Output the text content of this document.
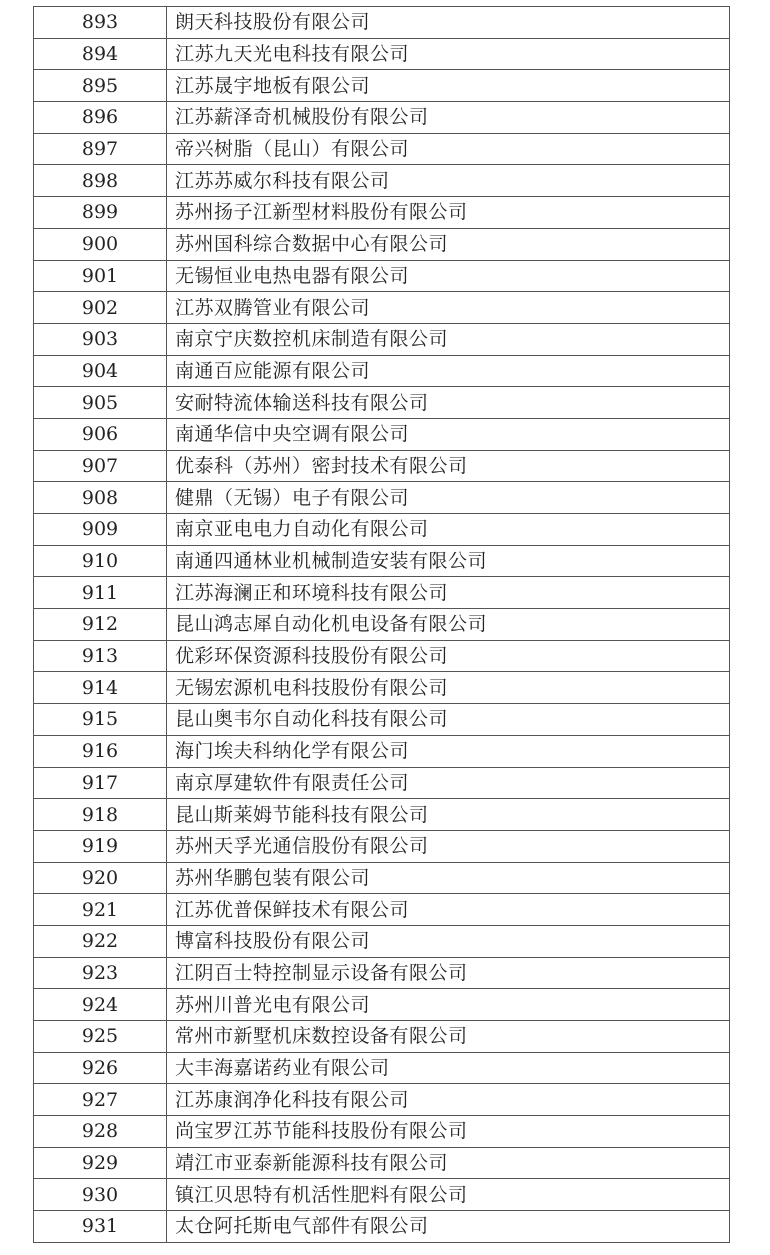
893	朗天科技股份有限公司
894	江苏九天光电科技有限公司
895	江苏晟宇地板有限公司
896	江苏薪泽奇机械股份有限公司
897	帝兴树脂（昆山）有限公司
898	江苏苏威尔科技有限公司
899	苏州扬子江新型材料股份有限公司
900	苏州国科综合数据中心有限公司
901	无锡恒业电热电器有限公司
902	江苏双腾管业有限公司
903	南京宁庆数控机床制造有限公司
904	南通百应能源有限公司
905	安耐特流体输送科技有限公司
906	南通华信中央空调有限公司
907	优泰科（苏州）密封技术有限公司
908	健鼎（无锡）电子有限公司
909	南京亚电电力自动化有限公司
910	南通四通林业机械制造安装有限公司
911	江苏海澜正和环境科技有限公司
912	昆山鸿志犀自动化机电设备有限公司
913	优彩环保资源科技股份有限公司
914	无锡宏源机电科技股份有限公司
915	昆山奥韦尔自动化科技有限公司
916	海门埃夫科纳化学有限公司
917	南京厚建软件有限责任公司
918	昆山斯莱姆节能科技有限公司
919	苏州天孚光通信股份有限公司
920	苏州华鹏包装有限公司
921	江苏优普保鲜技术有限公司
922	博富科技股份有限公司
923	江阴百士特控制显示设备有限公司
924	苏州川普光电有限公司
925	常州市新墅机床数控设备有限公司
926	大丰海嘉诺药业有限公司
927	江苏康润净化科技有限公司
928	尚宝罗江苏节能科技股份有限公司
929	靖江市亚泰新能源科技有限公司
930	镇江贝思特有机活性肥料有限公司
931	太仓阿托斯电气部件有限公司
